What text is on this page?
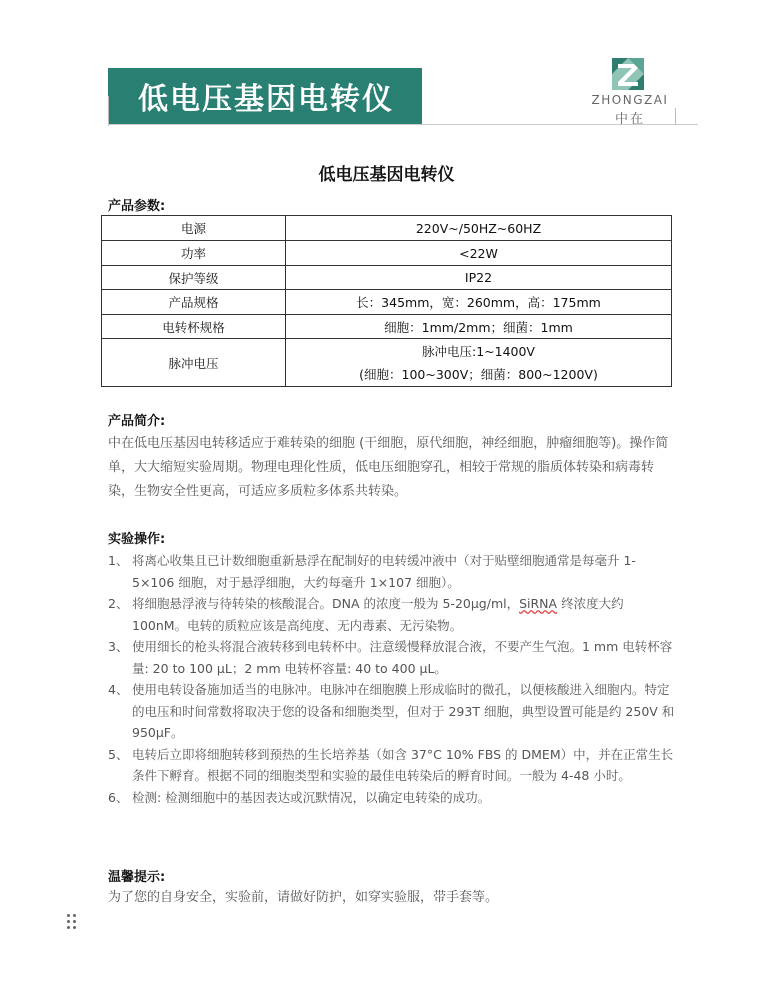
低电压基因电转仪	ZHONGZAI
中在
低电压基因电转仪
产品参数:
电源	220V~/50HZ~60HZ
功率	<22W
保护等级	IP22
产品规格	长：345mm，宽：260mm，高：175mm
电转杯规格	细胞：1mm/2mm；细菌：1mm
脉冲电压	脉冲电压:1~1400V
(细胞：100~300V；细菌：800~1200V)
产品简介:
中在低电压基因电转移适应于难转染的细胞 (干细胞，原代细胞，神经细胞，肿瘤细胞等)。操作简单，大大缩短实验周期。物理电理化性质，低电压细胞穿孔，相较于常规的脂质体转染和病毒转染，生物安全性更高，可适应多质粒多体系共转染。
实验操作:
1、 将离心收集且已计数细胞重新悬浮在配制好的电转缓冲液中（对于贴壁细胞通常是每毫升 1-5×106 细胞，对于悬浮细胞，大约每毫升 1×107 细胞）。
2、 将细胞悬浮液与待转染的核酸混合。DNA 的浓度一般为 5-20μg/ml，SiRNA 终浓度大约 100nM。电转的质粒应该是高纯度、无内毒素、无污染物。
3、 使用细长的枪头将混合液转移到电转杯中。注意缓慢释放混合液，不要产生气泡。1 mm 电转杯容量: 20 to 100 μL；2 mm 电转杯容量: 40 to 400 μL。
4、 使用电转设备施加适当的电脉冲。电脉冲在细胞膜上形成临时的微孔，以便核酸进入细胞内。特定的电压和时间常数将取决于您的设备和细胞类型，但对于 293T 细胞，典型设置可能是约 250V 和 950μF。
5、 电转后立即将细胞转移到预热的生长培养基（如含 37°C 10% FBS 的 DMEM）中，并在正常生长条件下孵育。根据不同的细胞类型和实验的最佳电转染后的孵育时间。一般为 4-48 小时。
6、 检测: 检测细胞中的基因表达或沉默情况，以确定电转染的成功。
温馨提示:
为了您的自身安全，实验前，请做好防护，如穿实验服，带手套等。
